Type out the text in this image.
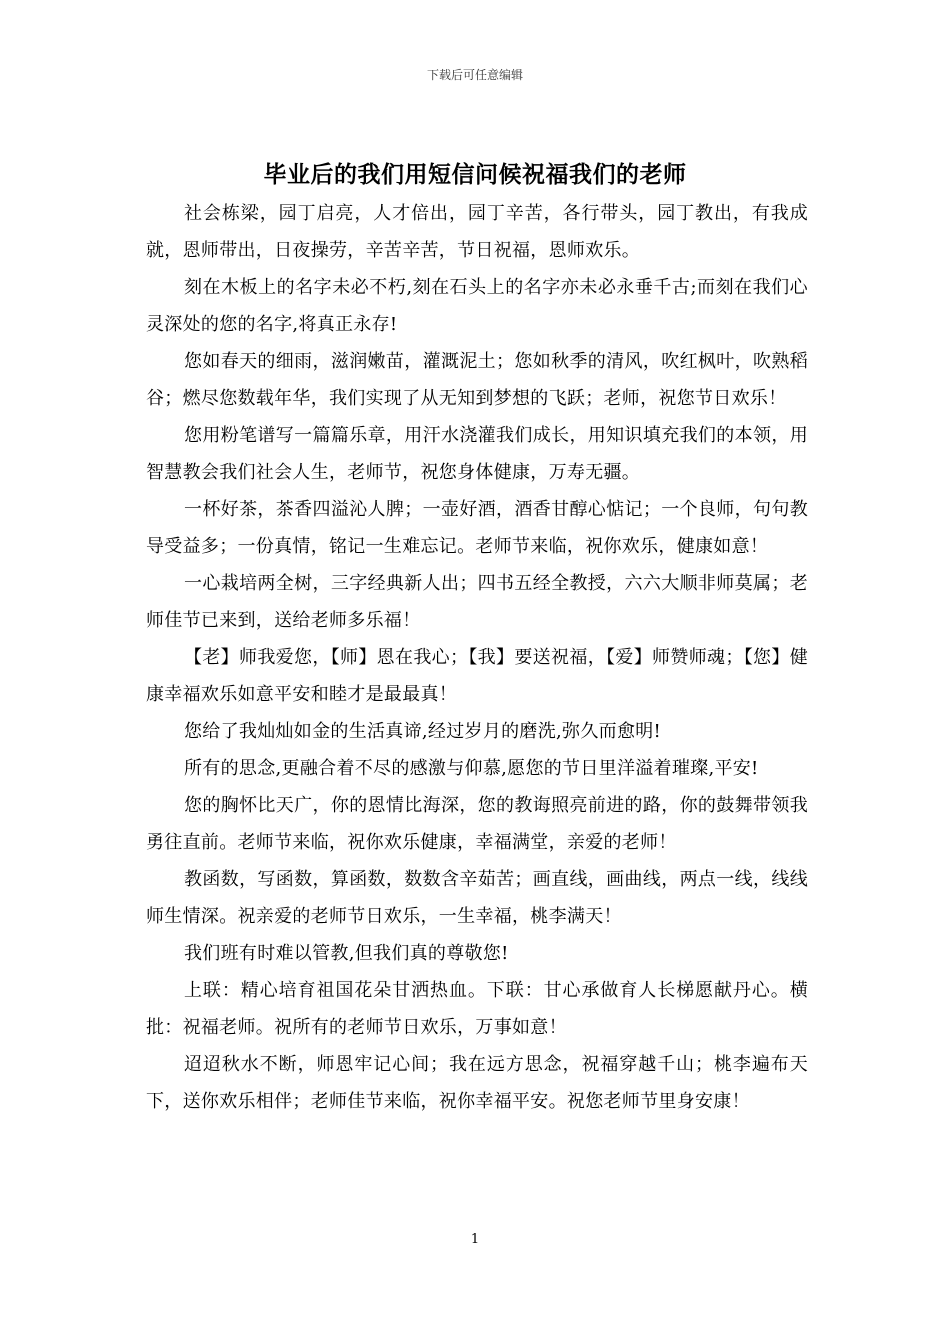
下载后可任意编辑
毕业后的我们用短信问候祝福我们的老师

社会栋梁，园丁启亮，人才倍出，园丁辛苦，各行带头，园丁教出，有我成就，恩师带出，日夜操劳，辛苦辛苦，节日祝福，恩师欢乐。

刻在木板上的名字未必不朽,刻在石头上的名字亦未必永垂千古;而刻在我们心灵深处的您的名字,将真正永存!

您如春天的细雨，滋润嫩苗，灌溉泥土；您如秋季的清风，吹红枫叶，吹熟稻谷；燃尽您数载年华，我们实现了从无知到梦想的飞跃；老师，祝您节日欢乐！

您用粉笔谱写一篇篇乐章，用汗水浇灌我们成长，用知识填充我们的本领，用智慧教会我们社会人生，老师节，祝您身体健康，万寿无疆。

一杯好茶，茶香四溢沁人脾；一壶好酒，酒香甘醇心惦记；一个良师，句句教导受益多；一份真情，铭记一生难忘记。老师节来临，祝你欢乐，健康如意！

一心栽培两全树，三字经典新人出；四书五经全教授，六六大顺非师莫属；老师佳节已来到，送给老师多乐福！

【老】师我爱您，【师】恩在我心；【我】要送祝福，【爱】师赞师魂；【您】健康幸福欢乐如意平安和睦才是最最真！

您给了我灿灿如金的生活真谛,经过岁月的磨洗,弥久而愈明!

所有的思念,更融合着不尽的感激与仰慕,愿您的节日里洋溢着璀璨,平安!

您的胸怀比天广，你的恩情比海深，您的教诲照亮前进的路，你的鼓舞带领我勇往直前。老师节来临，祝你欢乐健康，幸福满堂，亲爱的老师！

教函数，写函数，算函数，数数含辛茹苦；画直线，画曲线，两点一线，线线师生情深。祝亲爱的老师节日欢乐，一生幸福，桃李满天！

我们班有时难以管教,但我们真的尊敬您!

上联：精心培育祖国花朵甘洒热血。下联：甘心承做育人长梯愿献丹心。横批：祝福老师。祝所有的老师节日欢乐，万事如意！

迢迢秋水不断，师恩牢记心间；我在远方思念，祝福穿越千山；桃李遍布天下，送你欢乐相伴；老师佳节来临，祝你幸福平安。祝您老师节里身安康！

1
